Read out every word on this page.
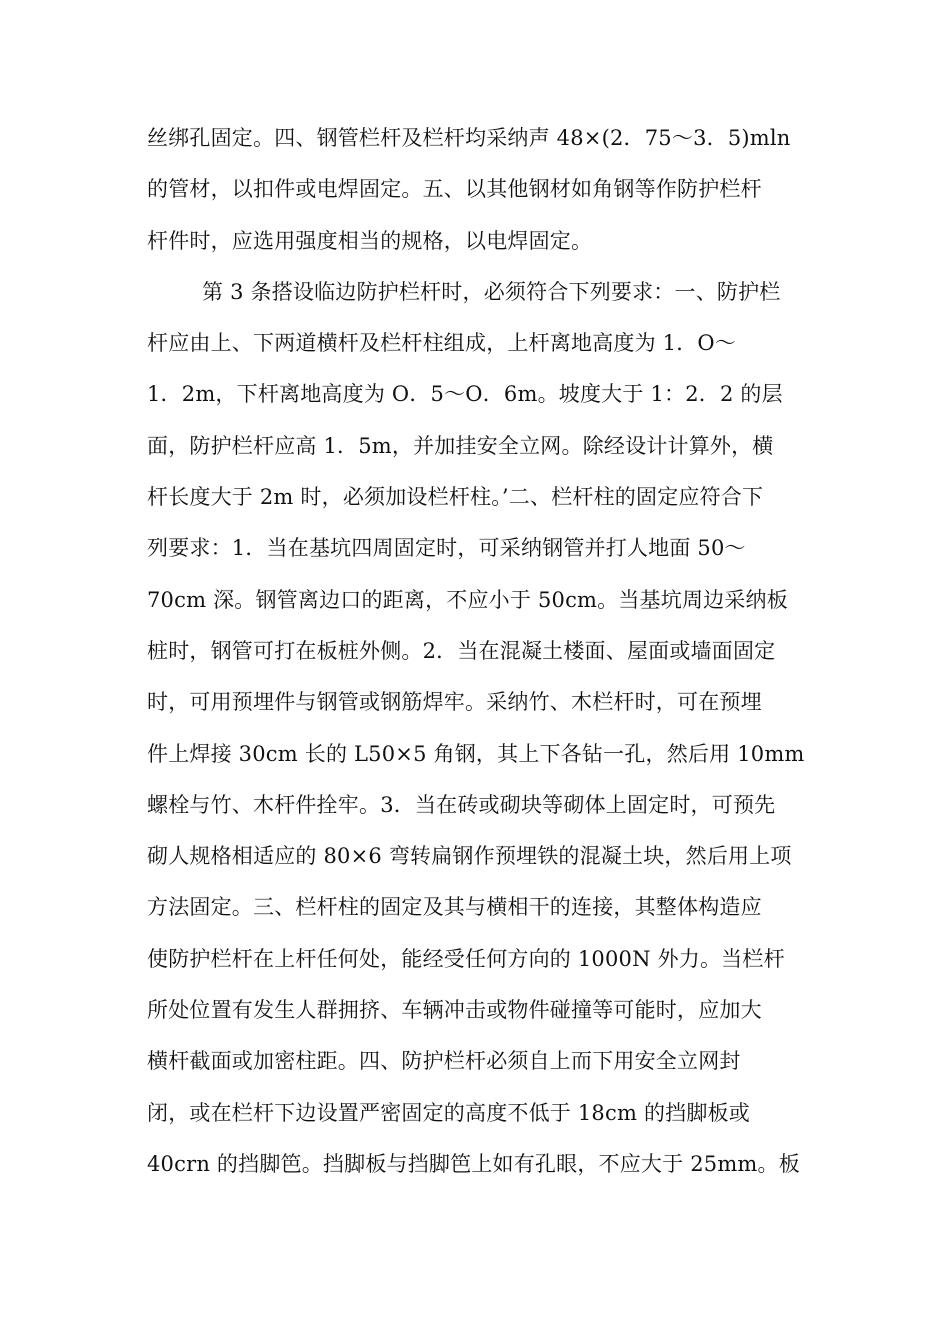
丝绑孔固定。四、钢管栏杆及栏杆均采纳声 48×(2．75～3．5)mln
的管材，以扣件或电焊固定。五、以其他钢材如角钢等作防护栏杆
杆件时，应选用强度相当的规格，以电焊固定。
第 3 条搭设临边防护栏杆时，必须符合下列要求：一、防护栏
杆应由上、下两道横杆及栏杆柱组成，上杆离地高度为 1．O～
1．2m，下杆离地高度为 O．5～O．6m。坡度大于 1：2．2 的层
面，防护栏杆应高 1．5m，并加挂安全立网。除经设计计算外，横
杆长度大于 2m 时，必须加设栏杆柱。’二、栏杆柱的固定应符合下
列要求：1．当在基坑四周固定时，可采纳钢管并打人地面 50～
70cm 深。钢管离边口的距离，不应小于 50cm。当基坑周边采纳板
桩时，钢管可打在板桩外侧。2．当在混凝土楼面、屋面或墙面固定
时，可用预埋件与钢管或钢筋焊牢。采纳竹、木栏杆时，可在预埋
件上焊接 30cm 长的 L50×5 角钢，其上下各钻一孔，然后用 10mm
螺栓与竹、木杆件拴牢。3．当在砖或砌块等砌体上固定时，可预先
砌人规格相适应的 80×6 弯转扁钢作预埋铁的混凝土块，然后用上项
方法固定。三、栏杆柱的固定及其与横相干的连接，其整体构造应
使防护栏杆在上杆任何处，能经受任何方向的 1000N 外力。当栏杆
所处位置有发生人群拥挤、车辆冲击或物件碰撞等可能时，应加大
横杆截面或加密柱距。四、防护栏杆必须自上而下用安全立网封
闭，或在栏杆下边设置严密固定的高度不低于 18cm 的挡脚板或
40crn 的挡脚笆。挡脚板与挡脚笆上如有孔眼，不应大于 25mm。板
